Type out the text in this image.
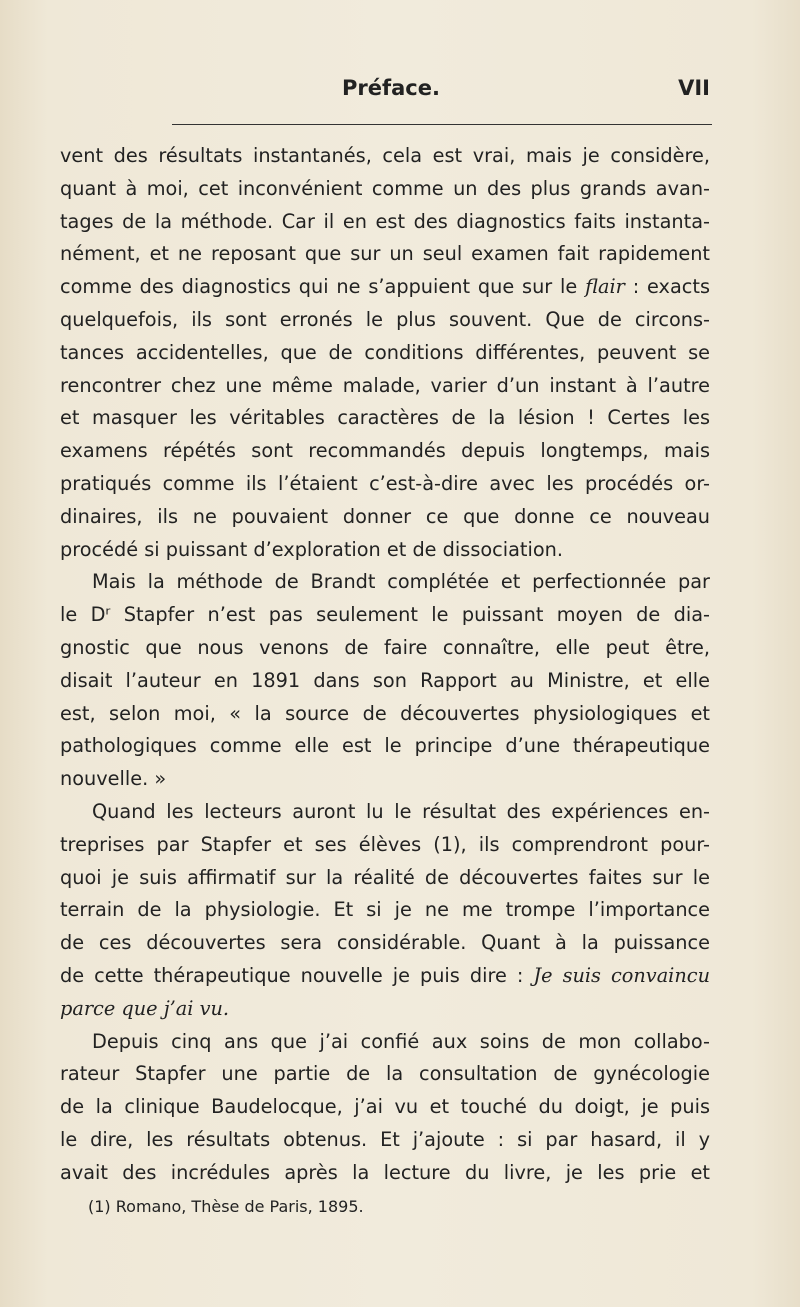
Préface.	VII
vent des résultats instantanés, cela est vrai, mais je considère,
quant à moi, cet inconvénient comme un des plus grands avan-
tages de la méthode. Car il en est des diagnostics faits instanta-
nément, et ne reposant que sur un seul examen fait rapidement
comme des diagnostics qui ne s’appuient que sur le flair : exacts
quelquefois, ils sont erronés le plus souvent. Que de circons-
tances accidentelles, que de conditions différentes, peuvent se
rencontrer chez une même malade, varier d’un instant à l’autre
et masquer les véritables caractères de la lésion ! Certes les
examens répétés sont recommandés depuis longtemps, mais
pratiqués comme ils l’étaient c’est-à-dire avec les procédés or-
dinaires, ils ne pouvaient donner ce que donne ce nouveau
procédé si puissant d’exploration et de dissociation.
Mais la méthode de Brandt complétée et perfectionnée par
le Dʳ Stapfer n’est pas seulement le puissant moyen de dia-
gnostic que nous venons de faire connaître, elle peut être,
disait l’auteur en 1891 dans son Rapport au Ministre, et elle
est, selon moi, « la source de découvertes physiologiques et
pathologiques comme elle est le principe d’une thérapeutique
nouvelle. »
Quand les lecteurs auront lu le résultat des expériences en-
treprises par Stapfer et ses élèves (1), ils comprendront pour-
quoi je suis affirmatif sur la réalité de découvertes faites sur le
terrain de la physiologie. Et si je ne me trompe l’importance
de ces découvertes sera considérable. Quant à la puissance
de cette thérapeutique nouvelle je puis dire : Je suis convaincu
parce que j’ai vu.
Depuis cinq ans que j’ai confié aux soins de mon collabo-
rateur Stapfer une partie de la consultation de gynécologie
de la clinique Baudelocque, j’ai vu et touché du doigt, je puis
le dire, les résultats obtenus. Et j’ajoute : si par hasard, il y
avait des incrédules après la lecture du livre, je les prie et
(1) Romano, Thèse de Paris, 1895.
